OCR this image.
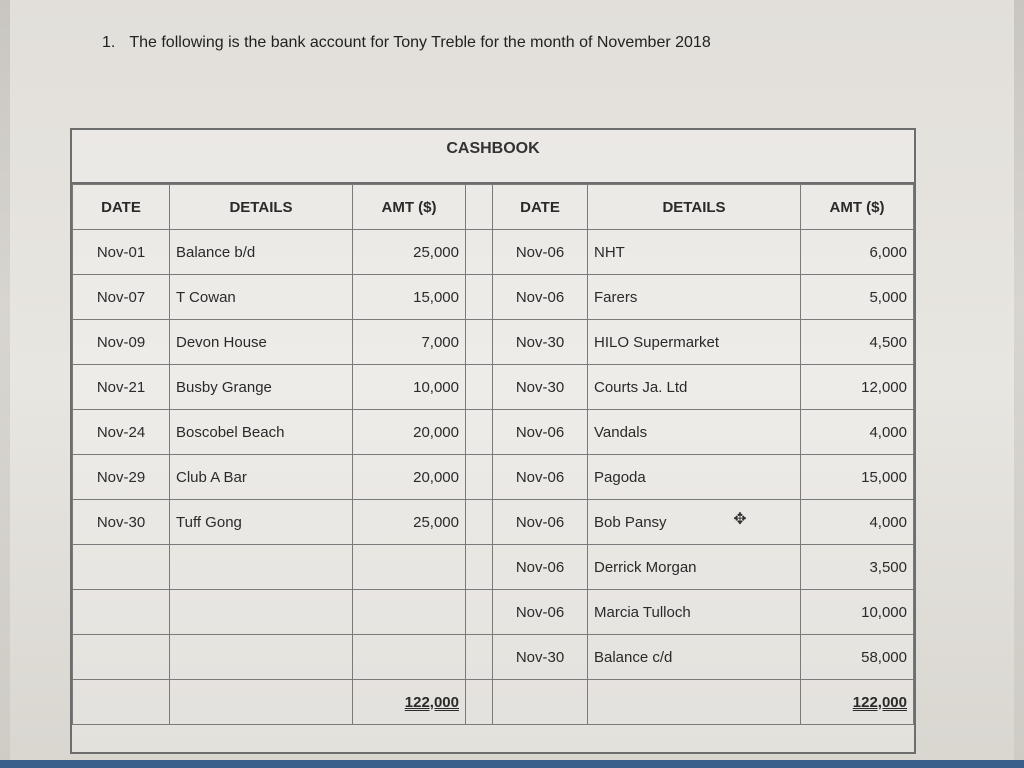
1. The following is the bank account for Tony Treble for the month of November 2018
CASHBOOK
DATE	DETAILS	AMT ($)		DATE	DETAILS	AMT ($)
Nov-01	Balance b/d	25,000		Nov-06	NHT	6,000
Nov-07	T Cowan	15,000		Nov-06	Farers	5,000
Nov-09	Devon House	7,000		Nov-30	HILO Supermarket	4,500
Nov-21	Busby Grange	10,000		Nov-30	Courts Ja. Ltd	12,000
Nov-24	Boscobel Beach	20,000		Nov-06	Vandals	4,000
Nov-29	Club A Bar	20,000		Nov-06	Pagoda	15,000
Nov-30	Tuff Gong	25,000		Nov-06	Bob Pansy	4,000
				Nov-06	Derrick Morgan	3,500
				Nov-06	Marcia Tulloch	10,000
				Nov-30	Balance c/d	58,000
		122,000				122,000
✥
